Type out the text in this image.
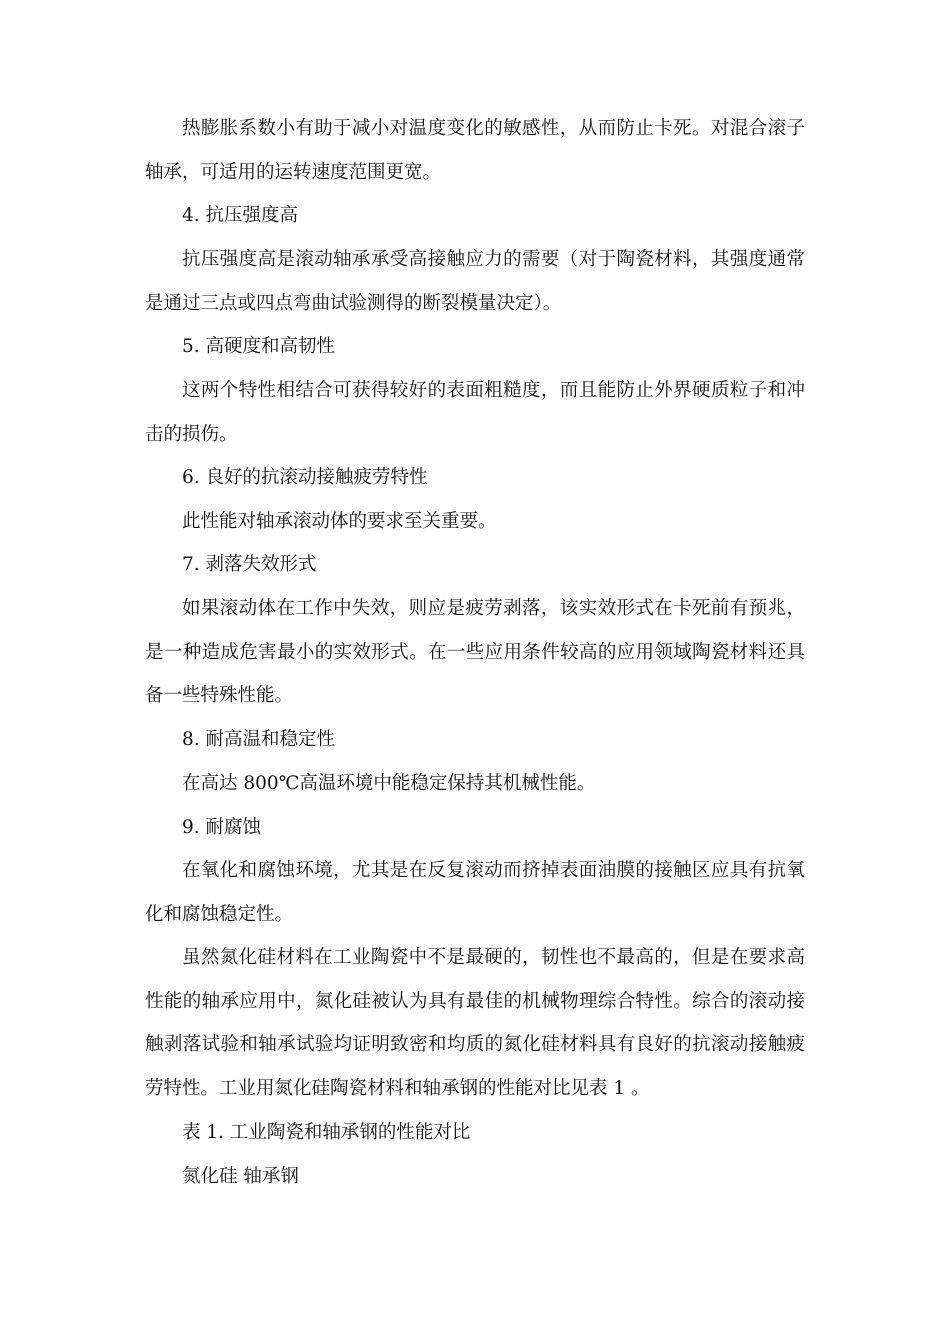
热膨胀系数小有助于减小对温度变化的敏感性，从而防止卡死。对混合滚子轴承，可适用的运转速度范围更宽。

4. 抗压强度高

抗压强度高是滚动轴承承受高接触应力的需要（对于陶瓷材料，其强度通常是通过三点或四点弯曲试验测得的断裂模量决定）。

5. 高硬度和高韧性

这两个特性相结合可获得较好的表面粗糙度，而且能防止外界硬质粒子和冲击的损伤。

6. 良好的抗滚动接触疲劳特性

此性能对轴承滚动体的要求至关重要。

7. 剥落失效形式

如果滚动体在工作中失效，则应是疲劳剥落，该实效形式在卡死前有预兆，是一种造成危害最小的实效形式。在一些应用条件较高的应用领域陶瓷材料还具备一些特殊性能。

8. 耐高温和稳定性

在高达 800℃高温环境中能稳定保持其机械性能。

9. 耐腐蚀

在氧化和腐蚀环境，尤其是在反复滚动而挤掉表面油膜的接触区应具有抗氧化和腐蚀稳定性。

虽然氮化硅材料在工业陶瓷中不是最硬的，韧性也不最高的，但是在要求高性能的轴承应用中，氮化硅被认为具有最佳的机械物理综合特性。综合的滚动接触剥落试验和轴承试验均证明致密和均质的氮化硅材料具有良好的抗滚动接触疲劳特性。工业用氮化硅陶瓷材料和轴承钢的性能对比见表 1 。

表 1. 工业陶瓷和轴承钢的性能对比

氮化硅 轴承钢
